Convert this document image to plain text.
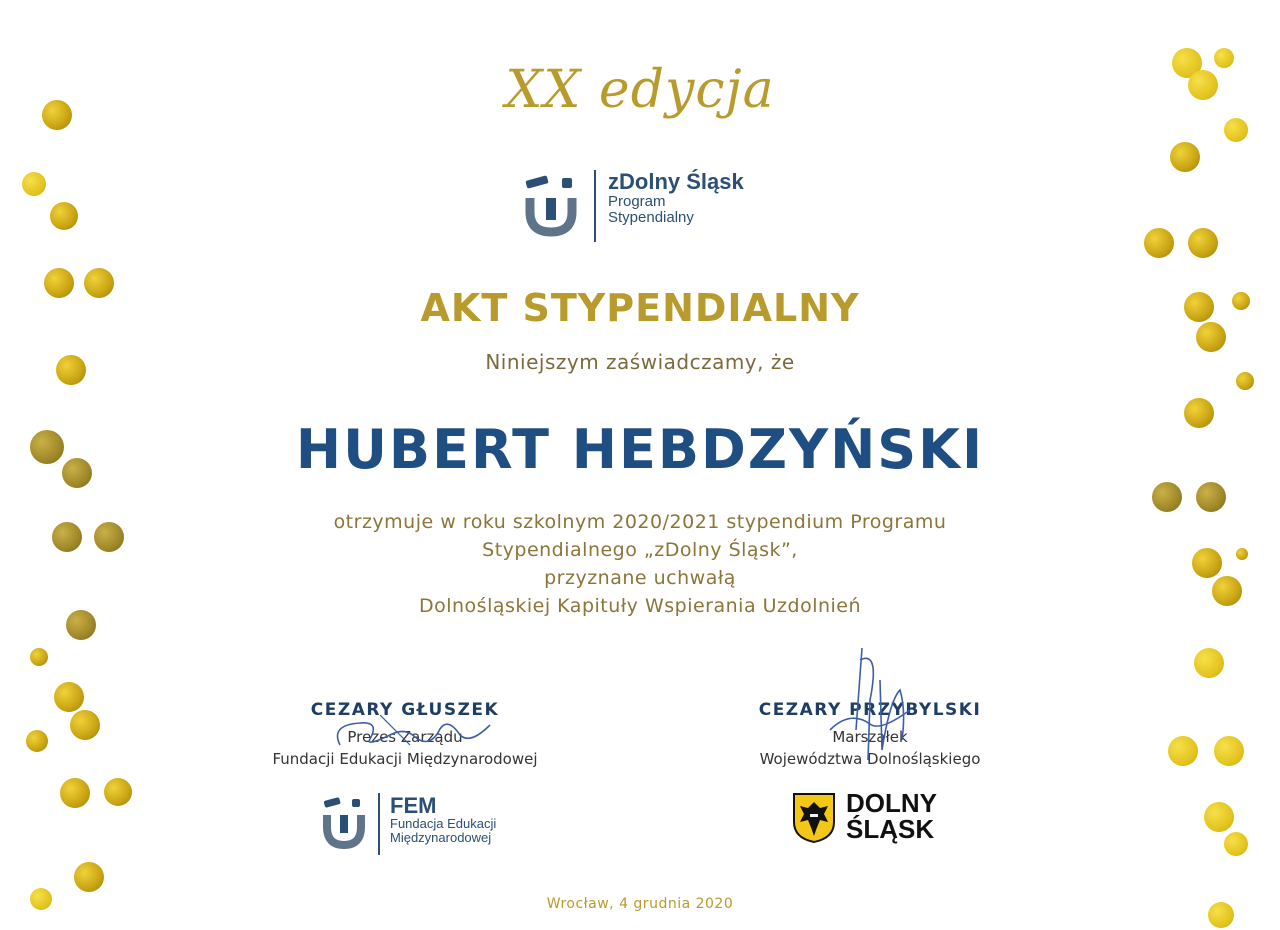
XX edycja
zDolny Śląsk
Program
Stypendialny
AKT STYPENDIALNY
Niniejszym zaświadczamy, że
HUBERT HEBDZYŃSKI
otrzymuje w roku szkolnym 2020/2021 stypendium Programu
Stypendialnego „zDolny Śląsk”,
przyznane uchwałą
Dolnośląskiej Kapituły Wspierania Uzdolnień
CEZARY GŁUSZEK
Prezes Zarządu
Fundacji Edukacji Międzynarodowej
CEZARY PRZYBYLSKI
Marszałek
Województwa Dolnośląskiego
FEM
Fundacja Edukacji
Międzynarodowej
DOLNY
ŚLĄSK
Wrocław, 4 grudnia 2020
